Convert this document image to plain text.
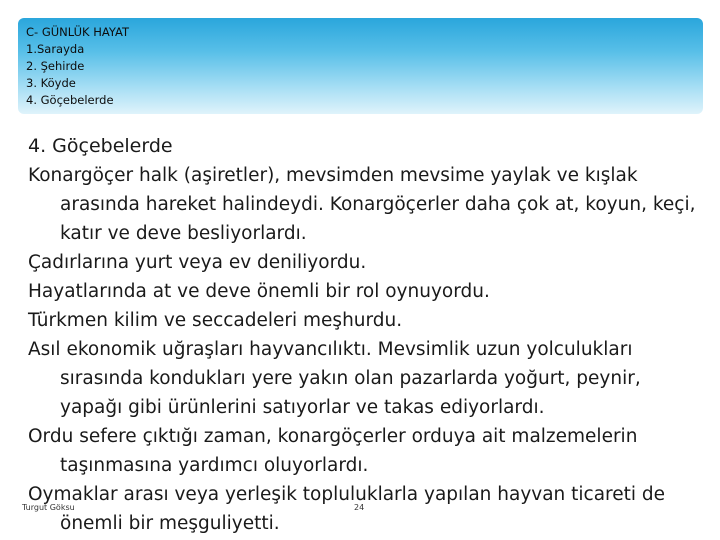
C- GÜNLÜK HAYAT
1.Sarayda
2. Şehirde
3. Köyde
4. Göçebelerde
4. Göçebelerde
Konargöçer halk (aşiretler), mevsimden mevsime yaylak ve kışlak arasında hareket halindeydi. Konargöçerler daha çok at, koyun, keçi, katır ve deve besliyorlardı.
Çadırlarına yurt veya ev deniliyordu.
Hayatlarında at ve deve önemli bir rol oynuyordu.
Türkmen kilim ve seccadeleri meşhurdu.
Asıl ekonomik uğraşları hayvancılıktı. Mevsimlik uzun yolculukları sırasında kondukları yere yakın olan pazarlarda yoğurt, peynir, yapağı gibi ürünlerini satıyorlar ve takas ediyorlardı.
Ordu sefere çıktığı zaman, konargöçerler orduya ait malzemelerin taşınmasına yardımcı oluyorlardı.
Oymaklar arası veya yerleşik topluluklarla yapılan hayvan ticareti de önemli bir meşguliyetti.
Turgut Göksu	24
